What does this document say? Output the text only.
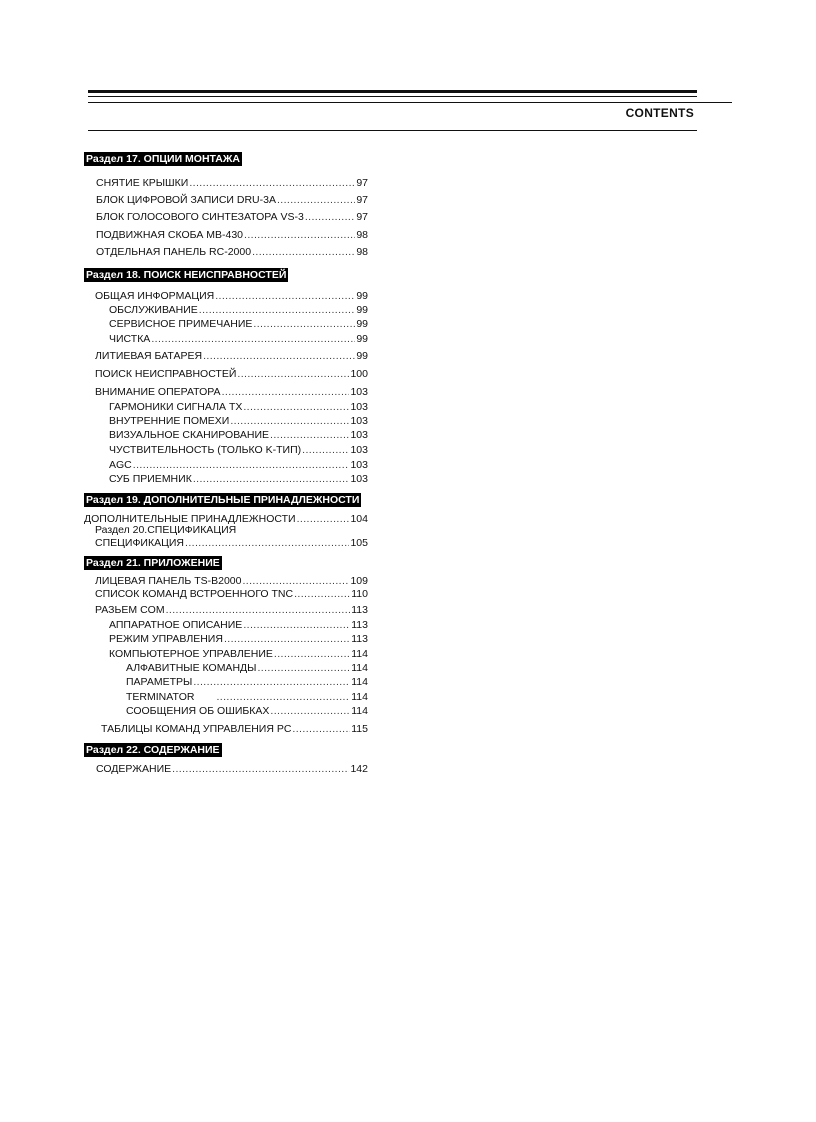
CONTENTS
Раздел 17. ОПЦИИ МОНТАЖА
СНЯТИЕ КРЫШКИ .....	97
БЛОК ЦИФРОВОЙ ЗАПИСИ DRU-3A .....	97
БЛОК ГОЛОСОВОГО СИНТЕЗАТОРА VS-3 .....	97
ПОДВИЖНАЯ СКОБА MB-430 .....	98
ОТДЕЛЬНАЯ ПАНЕЛЬ RC-2000 .....	98
Раздел 18. ПОИСК НЕИСПРАВНОСТЕЙ
ОБЩАЯ ИНФОРМАЦИЯ .....	99
ОБСЛУЖИВАНИЕ .....	99
СЕРВИСНОЕ ПРИМЕЧАНИЕ .....	99
ЧИСТКА .....	99
ЛИТИЕВАЯ БАТАРЕЯ .....	99
ПОИСК НЕИСПРАВНОСТЕЙ .....	100
ВНИМАНИЕ ОПЕРАТОРА .....	103
ГАРМОНИКИ СИГНАЛА TX .....	103
ВНУТРЕННИЕ ПОМЕХИ .....	103
ВИЗУАЛЬНОЕ СКАНИРОВАНИЕ .....	103
ЧУСТВИТЕЛЬНОСТЬ (ТОЛЬКО K-ТИП) .....	103
AGC .....	103
СУБ ПРИЕМНИК .....	103
Раздел 19. ДОПОЛНИТЕЛЬНЫЕ ПРИНАДЛЕЖНОСТИ
ДОПОЛНИТЕЛЬНЫЕ ПРИНАДЛЕЖНОСТИ .....	104
Раздел 20.СПЕЦИФИКАЦИЯ
СПЕЦИФИКАЦИЯ .....	105
Раздел 21. ПРИЛОЖЕНИЕ
ЛИЦЕВАЯ ПАНЕЛЬ TS-B2000 .....	109
СПИСОК КОМАНД ВСТРОЕННОГО TNC .....	110
РАЗЬЕМ COM .....	113
АППАРАТНОЕ ОПИСАНИЕ .....	113
РЕЖИМ УПРАВЛЕНИЯ .....	113
КОМПЬЮТЕРНОЕ УПРАВЛЕНИЕ .....	114
АЛФАВИТНЫЕ КОМАНДЫ .....	114
ПАРАМЕТРЫ .....	114
TERMINATOR .....	114
СООБЩЕНИЯ ОБ ОШИБКАХ .....	114
ТАБЛИЦЫ КОМАНД УПРАВЛЕНИЯ PC .....	115
Раздел 22. СОДЕРЖАНИЕ
СОДЕРЖАНИЕ .....	142
